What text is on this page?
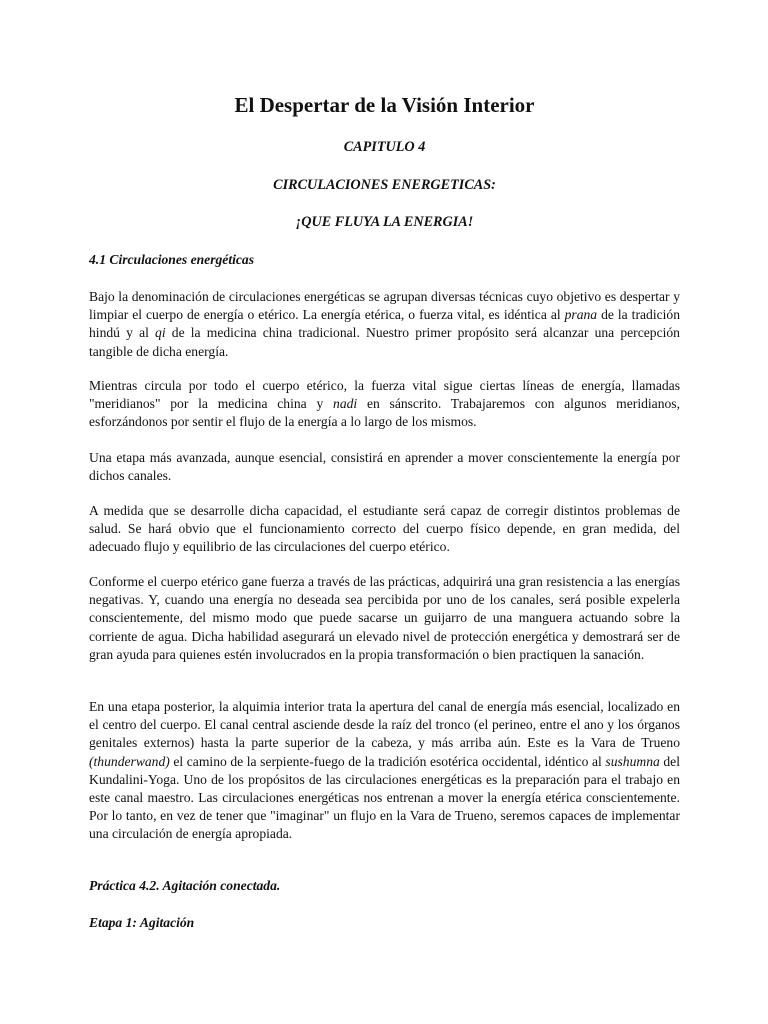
El Despertar de la Visión Interior

CAPITULO 4

CIRCULACIONES ENERGETICAS:

¡QUE FLUYA LA ENERGIA!

4.1 Circulaciones energéticas

Bajo la denominación de circulaciones energéticas se agrupan diversas técnicas cuyo objetivo es despertar y limpiar el cuerpo de energía o etérico. La energía etérica, o fuerza vital, es idéntica al prana de la tradición hindú y al qi de la medicina china tradicional. Nuestro primer propósito será alcanzar una percepción tangible de dicha energía.

Mientras circula por todo el cuerpo etérico, la fuerza vital sigue ciertas líneas de energía, llamadas "meridianos" por la medicina china y nadi en sánscrito. Trabajaremos con algunos meridianos, esforzándonos por sentir el flujo de la energía a lo largo de los mismos.

Una etapa más avanzada, aunque esencial, consistirá en aprender a mover conscientemente la energía por dichos canales.

A medida que se desarrolle dicha capacidad, el estudiante será capaz de corregir distintos problemas de salud. Se hará obvio que el funcionamiento correcto del cuerpo físico depende, en gran medida, del adecuado flujo y equilibrio de las circulaciones del cuerpo etérico.

Conforme el cuerpo etérico gane fuerza a través de las prácticas, adquirirá una gran resistencia a las energías negativas. Y, cuando una energía no deseada sea percibida por uno de los canales, será posible expelerla conscientemente, del mismo modo que puede sacarse un guijarro de una manguera actuando sobre la corriente de agua. Dicha habilidad asegurará un elevado nivel de protección energética y demostrará ser de gran ayuda para quienes estén involucrados en la propia transformación o bien practiquen la sanación.

En una etapa posterior, la alquimia interior trata la apertura del canal de energía más esencial, localizado en el centro del cuerpo. El canal central asciende desde la raíz del tronco (el perineo, entre el ano y los órganos genitales externos) hasta la parte superior de la cabeza, y más arriba aún. Este es la Vara de Trueno (thunderwand) el camino de la serpiente-fuego de la tradición esotérica occidental, idéntico al sushumna del Kundalini-Yoga. Uno de los propósitos de las circulaciones energéticas es la preparación para el trabajo en este canal maestro. Las circulaciones energéticas nos entrenan a mover la energía etérica conscientemente. Por lo tanto, en vez de tener que "imaginar" un flujo en la Vara de Trueno, seremos capaces de implementar una circulación de energía apropiada.

Práctica 4.2. Agitación conectada.

Etapa 1: Agitación
